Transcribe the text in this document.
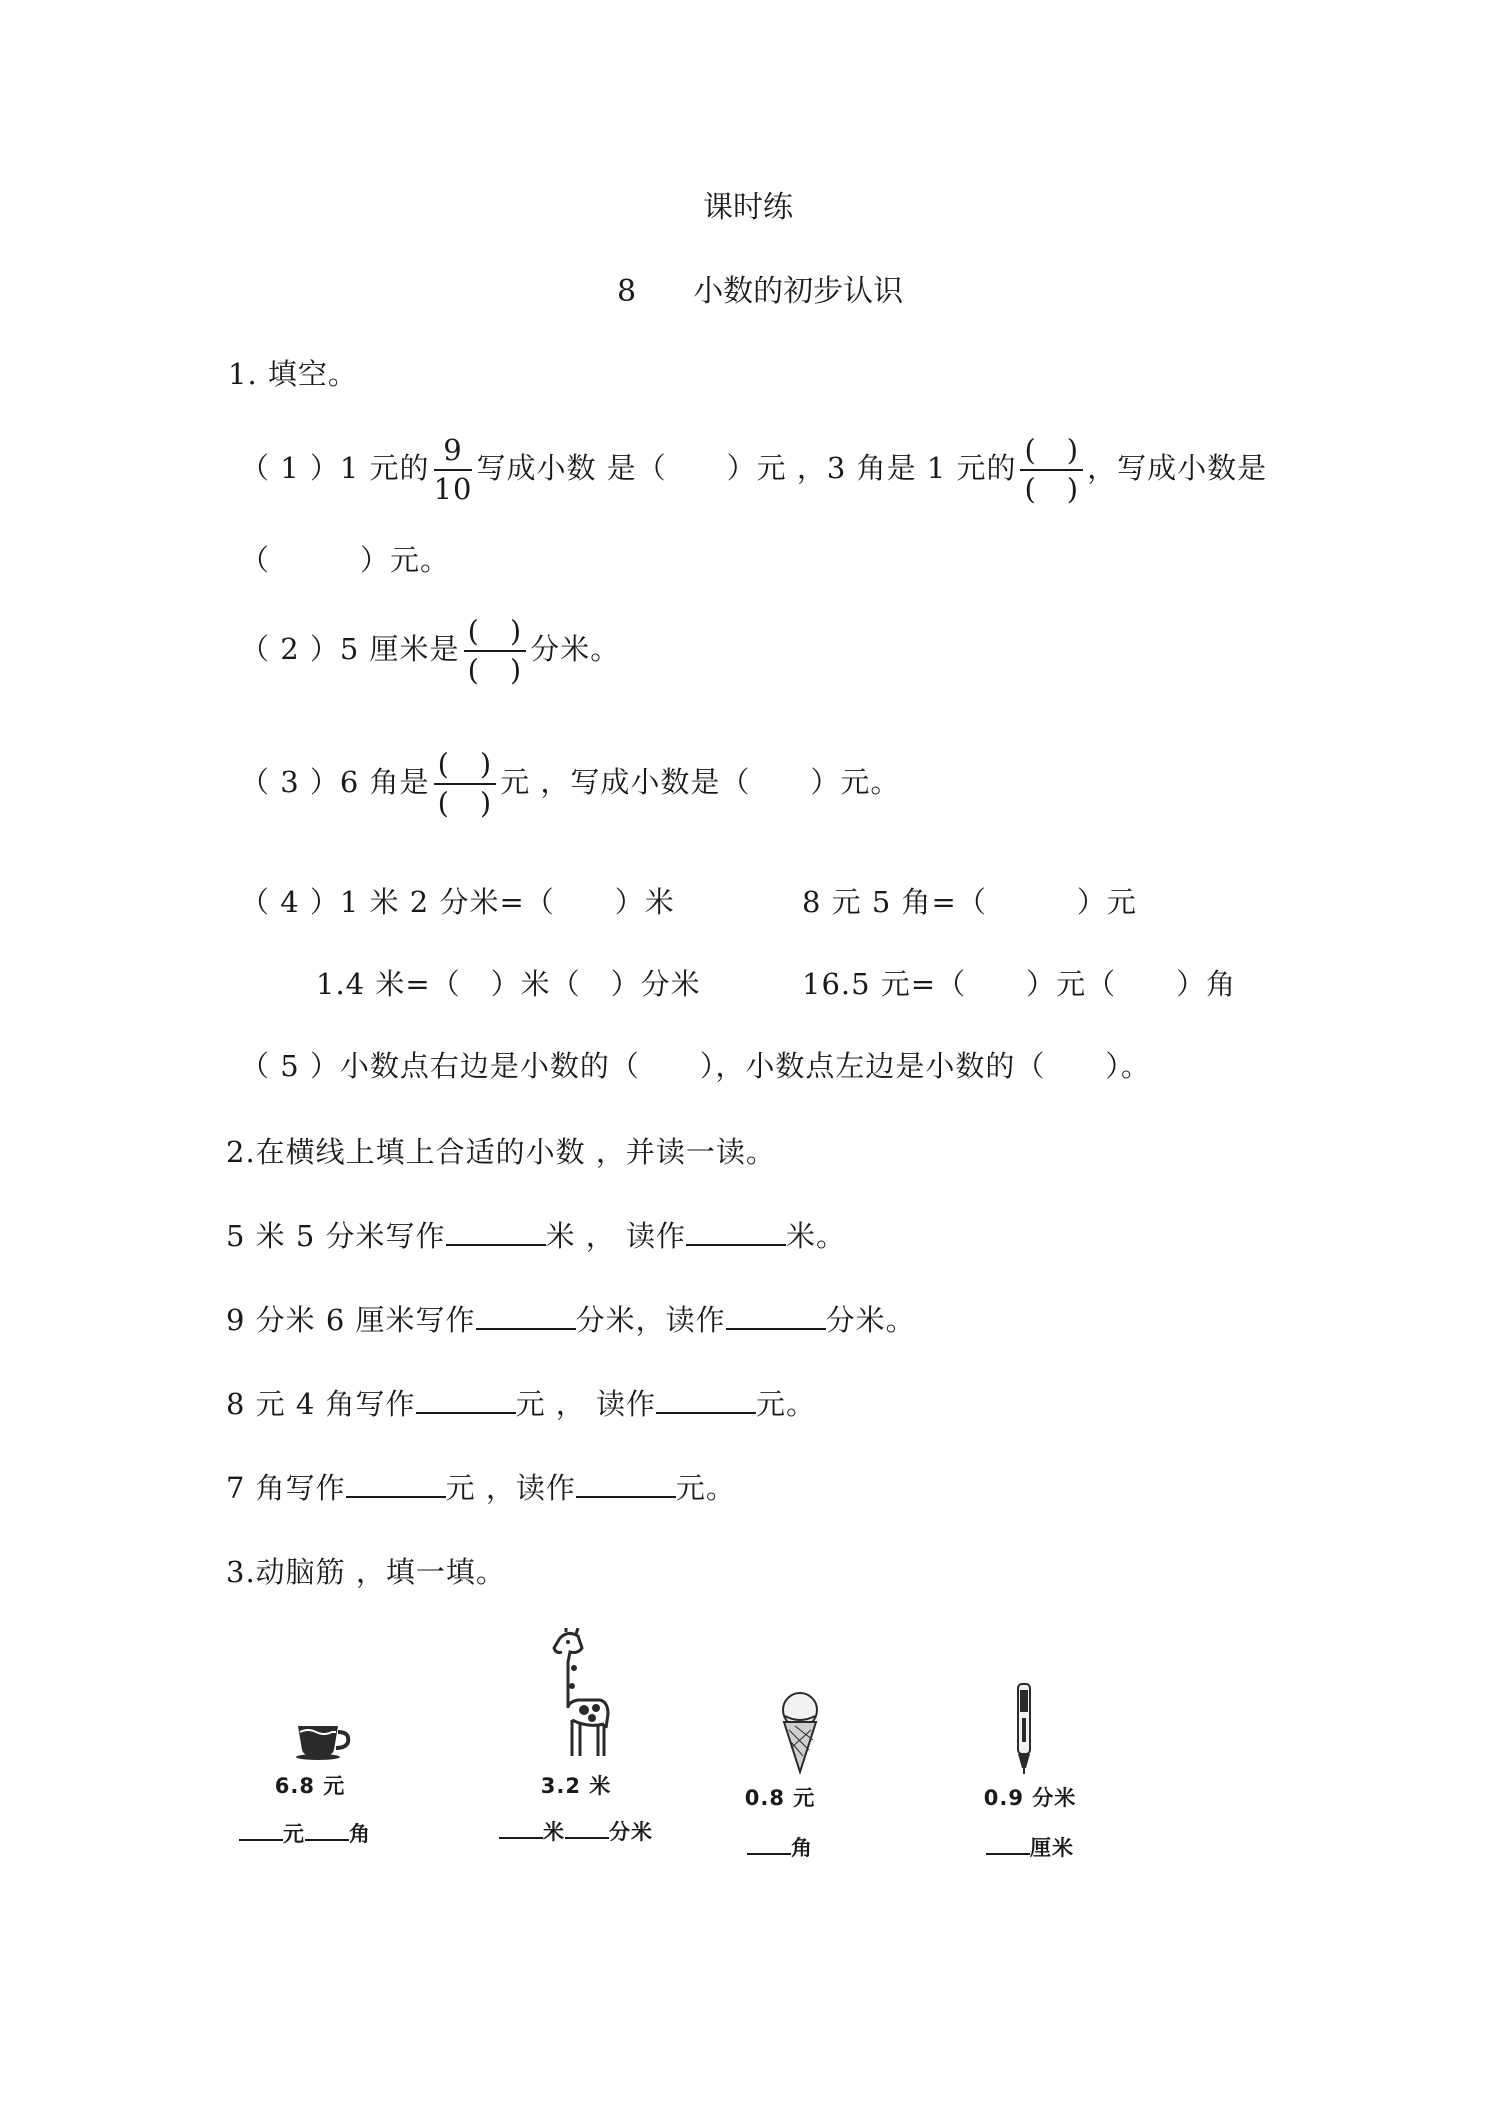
课时练
8 小数的初步认识
1. 填空。
（ 1 ）1 元的 $\frac{9}{10}$ 写成小数 是（　　）元 ，3 角是 1 元的 $\frac{( )}{( )}$ ，写成小数是
（　　　）元。
（ 2 ）5 厘米是 $\frac{( )}{( )}$ 分米。
（ 3 ）6 角是 $\frac{( )}{( )}$ 元 ，写成小数是（　　）元。
（ 4 ）1 米 2 分米=（　　）米	8 元 5 角=（　　　）元
1.4 米=（　）米（　）分米	16.5 元=（　　）元（　　）角
（ 5 ）小数点右边是小数的（　　），小数点左边是小数的（　　）。
2.在横线上填上合适的小数 ，并读一读。
5 米 5 分米写作	米 ， 读作	米。
9 分米 6 厘米写作	分米，读作	分米。
8 元 4 角写作	元 ， 读作	元。
7 角写作	元 ，读作	元。
3.动脑筋 ，填一填。
6.8 元
元 角
3.2 米
米 分米
0.8 元
角
0.9 分米
厘米
